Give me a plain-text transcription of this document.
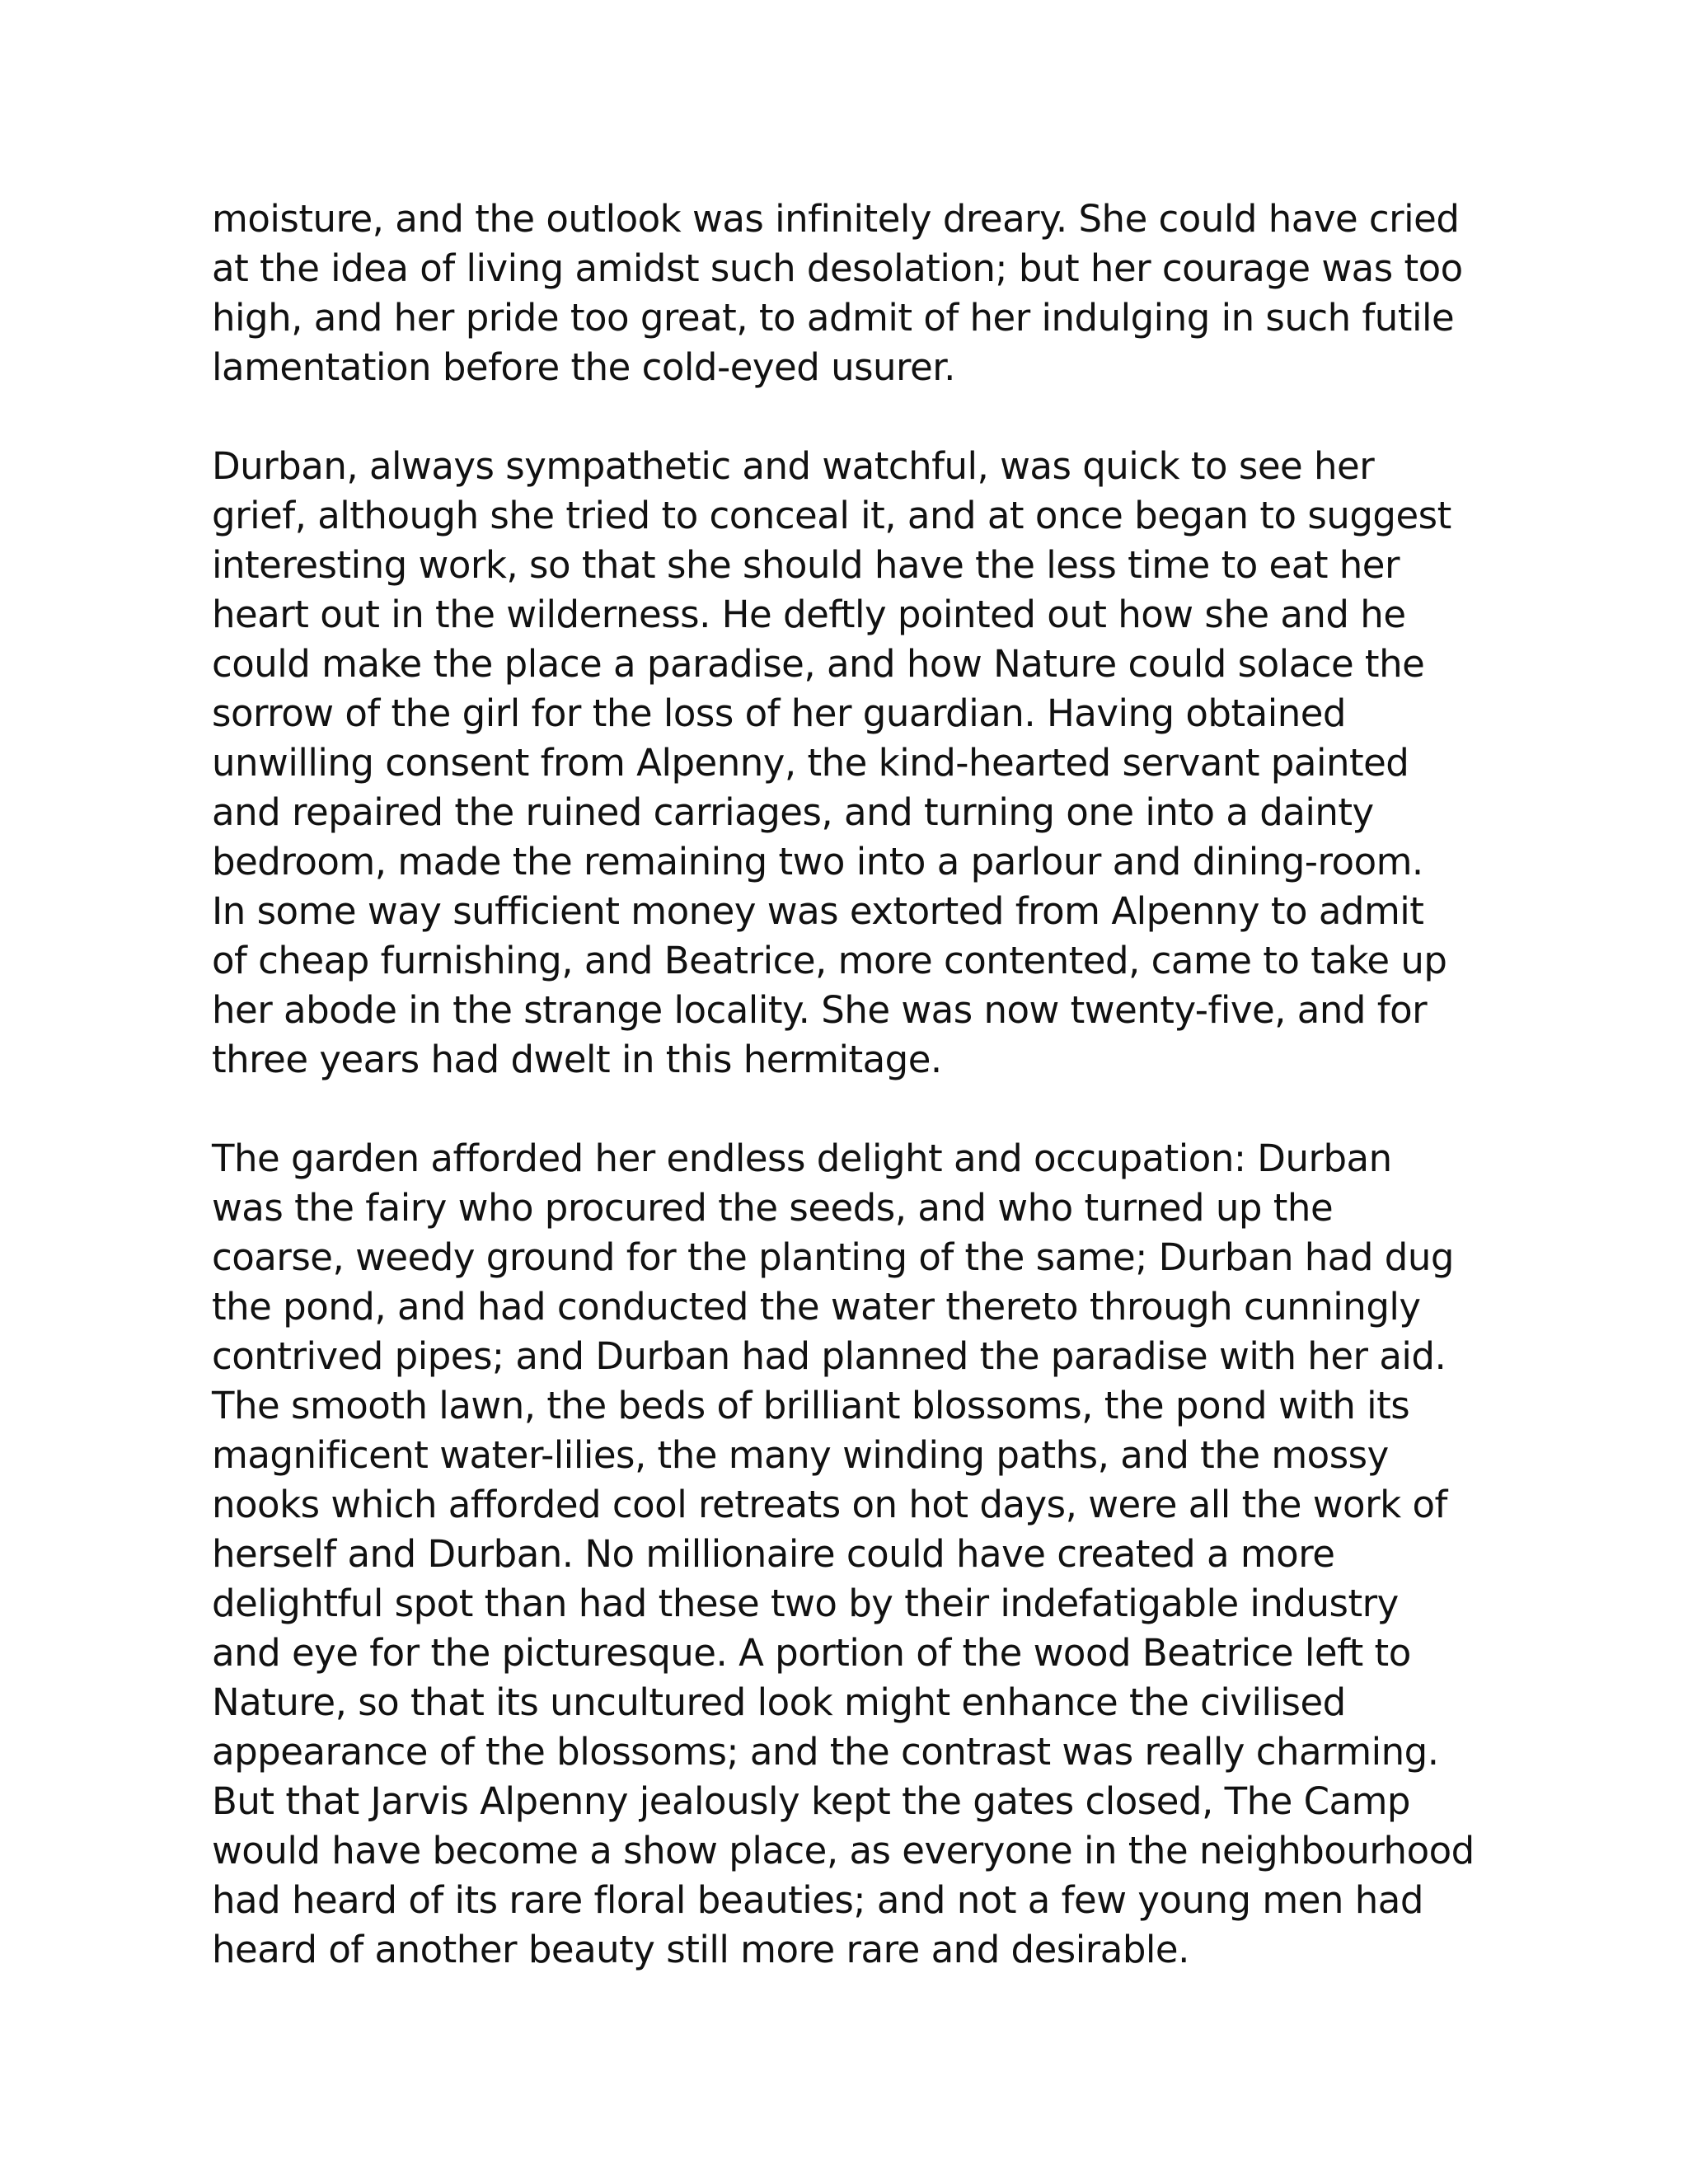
moisture, and the outlook was infinitely dreary. She could have cried
at the idea of living amidst such desolation; but her courage was too
high, and her pride too great, to admit of her indulging in such futile
lamentation before the cold-eyed usurer.

Durban, always sympathetic and watchful, was quick to see her
grief, although she tried to conceal it, and at once began to suggest
interesting work, so that she should have the less time to eat her
heart out in the wilderness. He deftly pointed out how she and he
could make the place a paradise, and how Nature could solace the
sorrow of the girl for the loss of her guardian. Having obtained
unwilling consent from Alpenny, the kind-hearted servant painted
and repaired the ruined carriages, and turning one into a dainty
bedroom, made the remaining two into a parlour and dining-room.
In some way sufficient money was extorted from Alpenny to admit
of cheap furnishing, and Beatrice, more contented, came to take up
her abode in the strange locality. She was now twenty-five, and for
three years had dwelt in this hermitage.

The garden afforded her endless delight and occupation: Durban
was the fairy who procured the seeds, and who turned up the
coarse, weedy ground for the planting of the same; Durban had dug
the pond, and had conducted the water thereto through cunningly
contrived pipes; and Durban had planned the paradise with her aid.
The smooth lawn, the beds of brilliant blossoms, the pond with its
magnificent water-lilies, the many winding paths, and the mossy
nooks which afforded cool retreats on hot days, were all the work of
herself and Durban. No millionaire could have created a more
delightful spot than had these two by their indefatigable industry
and eye for the picturesque. A portion of the wood Beatrice left to
Nature, so that its uncultured look might enhance the civilised
appearance of the blossoms; and the contrast was really charming.
But that Jarvis Alpenny jealously kept the gates closed, The Camp
would have become a show place, as everyone in the neighbourhood
had heard of its rare floral beauties; and not a few young men had
heard of another beauty still more rare and desirable.
